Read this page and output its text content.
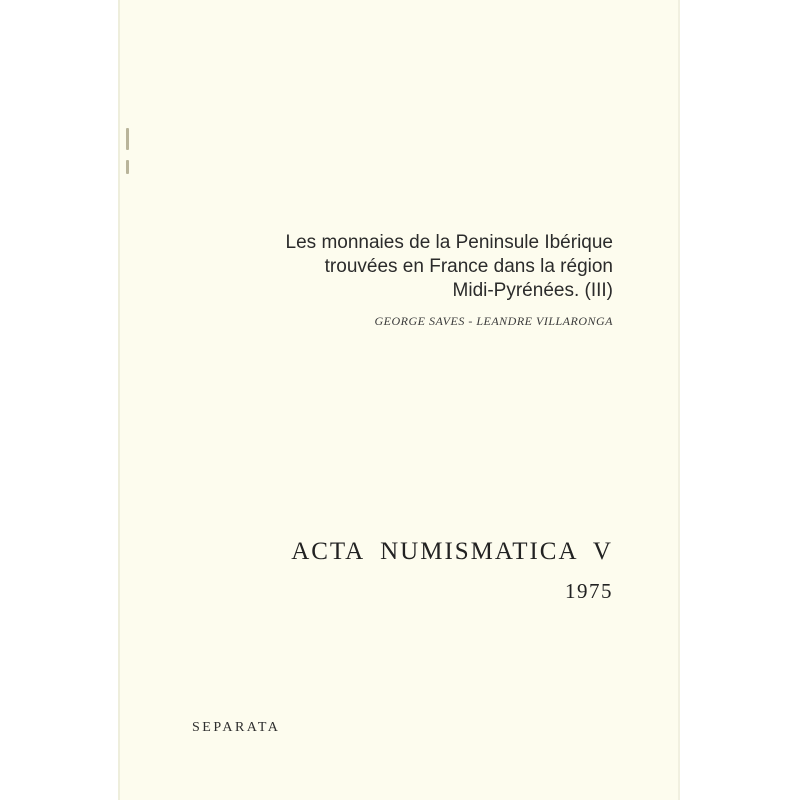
Les monnaies de la Peninsule Ibérique
trouvées en France dans la région
Midi-Pyrénées. (III)
GEORGE SAVES - LEANDRE VILLARONGA
ACTA NUMISMATICA V
1975
SEPARATA
